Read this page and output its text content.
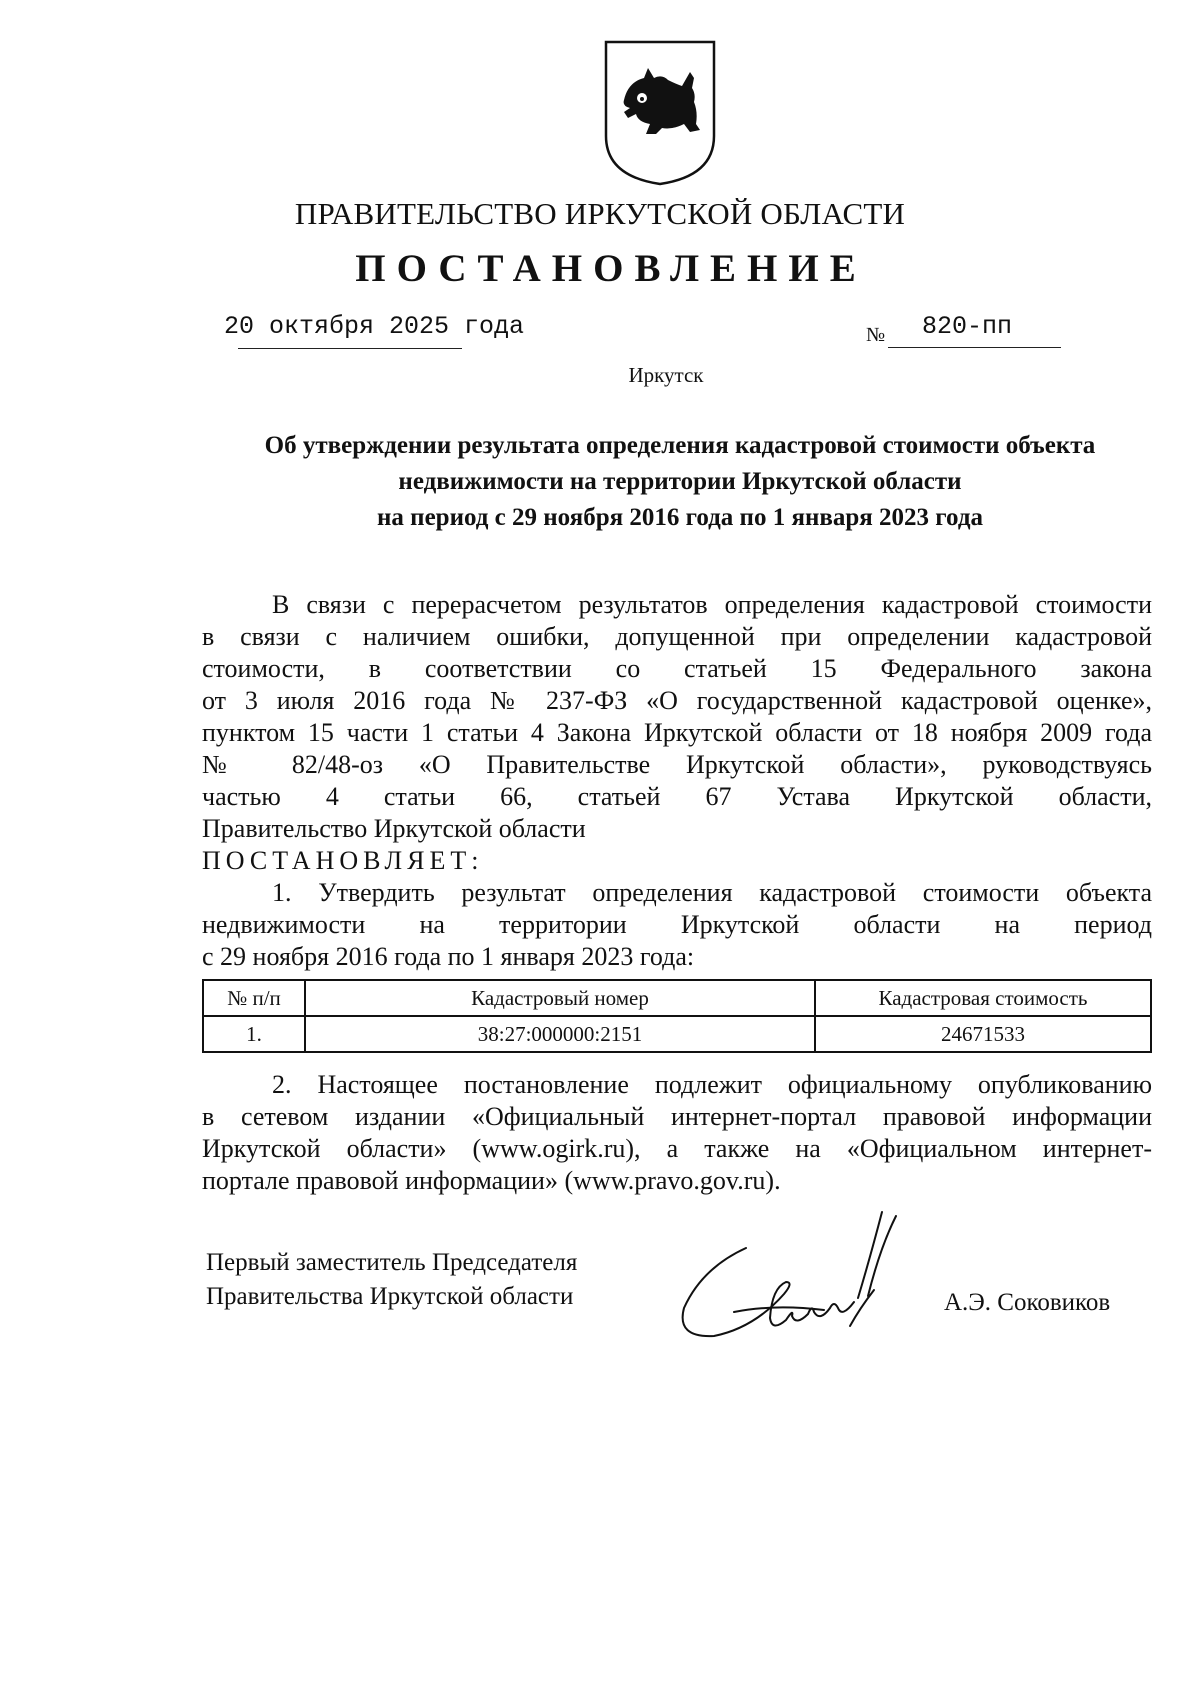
ПРАВИТЕЛЬСТВО ИРКУТСКОЙ ОБЛАСТИ
ПОСТАНОВЛЕНИЕ
20 октября 2025 года	№ 820-пп
Иркутск
Об утверждении результата определения кадастровой стоимости объекта
недвижимости на территории Иркутской области
на период с 29 ноября 2016 года по 1 января 2023 года
В связи с перерасчетом результатов определения кадастровой стоимости
в связи с наличием ошибки, допущенной при определении кадастровой
стоимости, в соответствии со статьей 15 Федерального закона
от 3 июля 2016 года № 237-ФЗ «О государственной кадастровой оценке»,
пунктом 15 части 1 статьи 4 Закона Иркутской области от 18 ноября 2009 года
№ 82/48-оз «О Правительстве Иркутской области», руководствуясь
частью 4 статьи 66, статьей 67 Устава Иркутской области,
Правительство Иркутской области
ПОСТАНОВЛЯЕТ:
1. Утвердить результат определения кадастровой стоимости объекта
недвижимости на территории Иркутской области на период
с 29 ноября 2016 года по 1 января 2023 года:
№ п/п	Кадастровый номер	Кадастровая стоимость
1.	38:27:000000:2151	24671533
2. Настоящее постановление подлежит официальному опубликованию
в сетевом издании «Официальный интернет-портал правовой информации
Иркутской области» (www.ogirk.ru), а также на «Официальном интернет-
портале правовой информации» (www.pravo.gov.ru).
Первый заместитель Председателя
Правительства Иркутской области	А.Э. Соковиков
